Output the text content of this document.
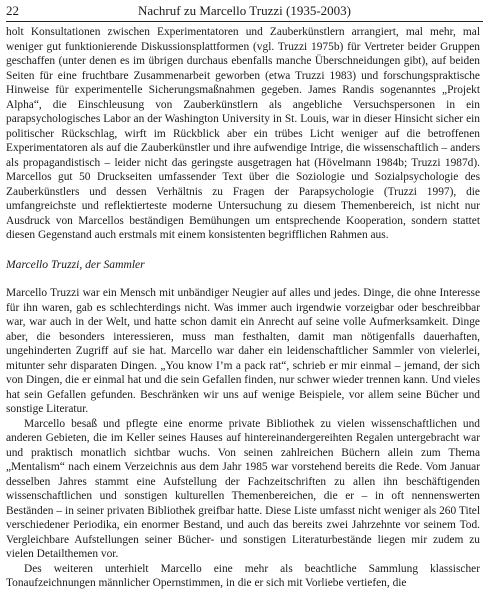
22	Nachruf zu Marcello Truzzi (1935-2003)

holt Konsultationen zwischen Experimentatoren und Zauberkünstlern arrangiert, mal mehr, mal weniger gut funktionierende Diskussionsplattformen (vgl. Truzzi 1975b) für Vertreter beider Gruppen geschaffen (unter denen es im übrigen durchaus ebenfalls manche Überschneidungen gibt), auf beiden Seiten für eine fruchtbare Zusammenarbeit geworben (etwa Truzzi 1983) und forschungspraktische Hinweise für experimentelle Sicherungsmaßnahmen gegeben. James Randis sogenanntes „Projekt Alpha“, die Einschleusung von Zauberkünstlern als angebliche Versuchspersonen in ein parapsychologisches Labor an der Washington University in St. Louis, war in dieser Hinsicht sicher ein politischer Rückschlag, wirft im Rückblick aber ein trübes Licht weniger auf die betroffenen Experimentatoren als auf die Zauberkünstler und ihre aufwendige Intrige, die wissenschaftlich – anders als propagandistisch – leider nicht das geringste ausgetragen hat (Hövelmann 1984b; Truzzi 1987d). Marcellos gut 50 Druckseiten umfassender Text über die Soziologie und Sozialpsychologie des Zauberkünstlers und dessen Verhältnis zu Fragen der Parapsychologie (Truzzi 1997), die umfangreichste und reflektierteste moderne Untersuchung zu diesem Themenbereich, ist nicht nur Ausdruck von Marcellos beständigen Bemühungen um entsprechende Kooperation, sondern stattet diesen Gegenstand auch erstmals mit einem konsistenten begrifflichen Rahmen aus.

Marcello Truzzi, der Sammler

Marcello Truzzi war ein Mensch mit unbändiger Neugier auf alles und jedes. Dinge, die ohne Interesse für ihn waren, gab es schlechterdings nicht. Was immer auch irgendwie vorzeigbar oder beschreibbar war, war auch in der Welt, und hatte schon damit ein Anrecht auf seine volle Aufmerksamkeit. Dinge aber, die besonders interessieren, muss man festhalten, damit man nötigenfalls dauerhaften, ungehinderten Zugriff auf sie hat. Marcello war daher ein leidenschaftlicher Sammler von vielerlei, mitunter sehr disparaten Dingen. „You know I’m a pack rat“, schrieb er mir einmal – jemand, der sich von Dingen, die er einmal hat und die sein Gefallen finden, nur schwer wieder trennen kann. Und vieles hat sein Gefallen gefunden. Beschränken wir uns auf wenige Beispiele, vor allem seine Bücher und sonstige Literatur.

Marcello besaß und pflegte eine enorme private Bibliothek zu vielen wissenschaftlichen und anderen Gebieten, die im Keller seines Hauses auf hintereinandergereihten Regalen untergebracht war und praktisch monatlich sichtbar wuchs. Von seinen zahlreichen Büchern allein zum Thema „Mentalism“ nach einem Verzeichnis aus dem Jahr 1985 war vorstehend bereits die Rede. Vom Januar desselben Jahres stammt eine Aufstellung der Fachzeitschriften zu allen ihn beschäftigenden wissenschaftlichen und sonstigen kulturellen Themenbereichen, die er – in oft nennenswerten Beständen – in seiner privaten Bibliothek greifbar hatte. Diese Liste umfasst nicht weniger als 260 Titel verschiedener Periodika, ein enormer Bestand, und auch das bereits zwei Jahrzehnte vor seinem Tod. Vergleichbare Aufstellungen seiner Bücher- und sonstigen Literaturbestände liegen mir zudem zu vielen Detailthemen vor.

Des weiteren unterhielt Marcello eine mehr als beachtliche Sammlung klassischer Tonaufzeichnungen männlicher Opernstimmen, in die er sich mit Vorliebe vertiefen, die
